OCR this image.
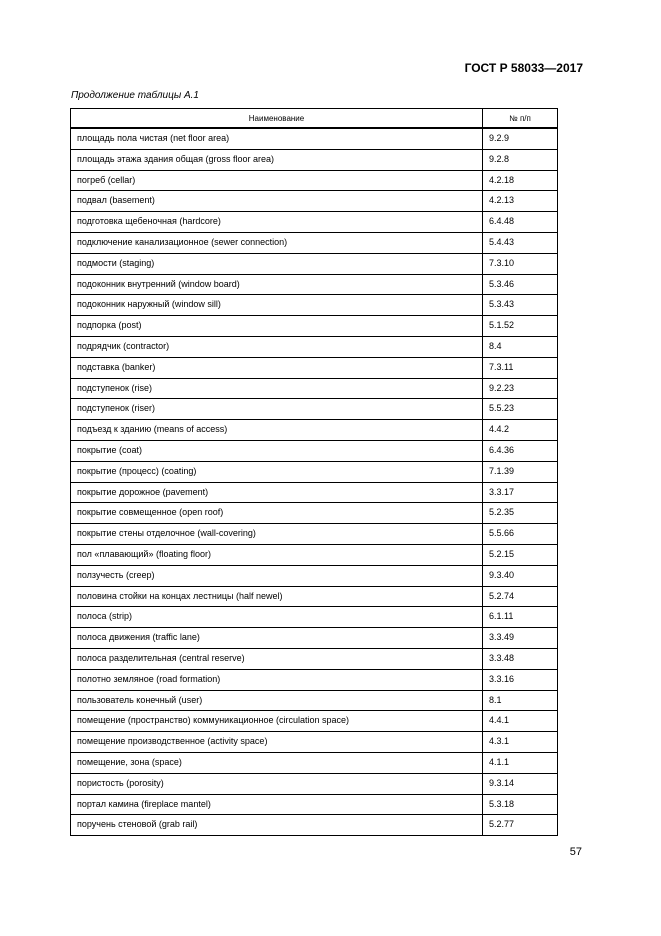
ГОСТ Р 58033—2017
Продолжение таблицы А.1
Наименование	№ п/п
площадь пола чистая (net floor area)	9.2.9
площадь этажа здания общая (gross floor area)	9.2.8
погреб (cellar)	4.2.18
подвал (basement)	4.2.13
подготовка щебеночная (hardcore)	6.4.48
подключение канализационное (sewer connection)	5.4.43
подмости (staging)	7.3.10
подоконник внутренний (window board)	5.3.46
подоконник наружный (window sill)	5.3.43
подпорка (post)	5.1.52
подрядчик (contractor)	8.4
подставка (banker)	7.3.11
подступенок (rise)	9.2.23
подступенок (riser)	5.5.23
подъезд к зданию (means of access)	4.4.2
покрытие (coat)	6.4.36
покрытие (процесс) (coating)	7.1.39
покрытие дорожное (pavement)	3.3.17
покрытие совмещенное (open roof)	5.2.35
покрытие стены отделочное (wall-covering)	5.5.66
пол «плавающий» (floating floor)	5.2.15
ползучесть (creep)	9.3.40
половина стойки на концах лестницы (half newel)	5.2.74
полоса (strip)	6.1.11
полоса движения (traffic lane)	3.3.49
полоса разделительная (central reserve)	3.3.48
полотно земляное (road formation)	3.3.16
пользователь конечный (user)	8.1
помещение (пространство) коммуникационное (circulation space)	4.4.1
помещение производственное (activity space)	4.3.1
помещение, зона (space)	4.1.1
пористость (porosity)	9.3.14
портал камина (fireplace mantel)	5.3.18
поручень стеновой (grab rail)	5.2.77
57
